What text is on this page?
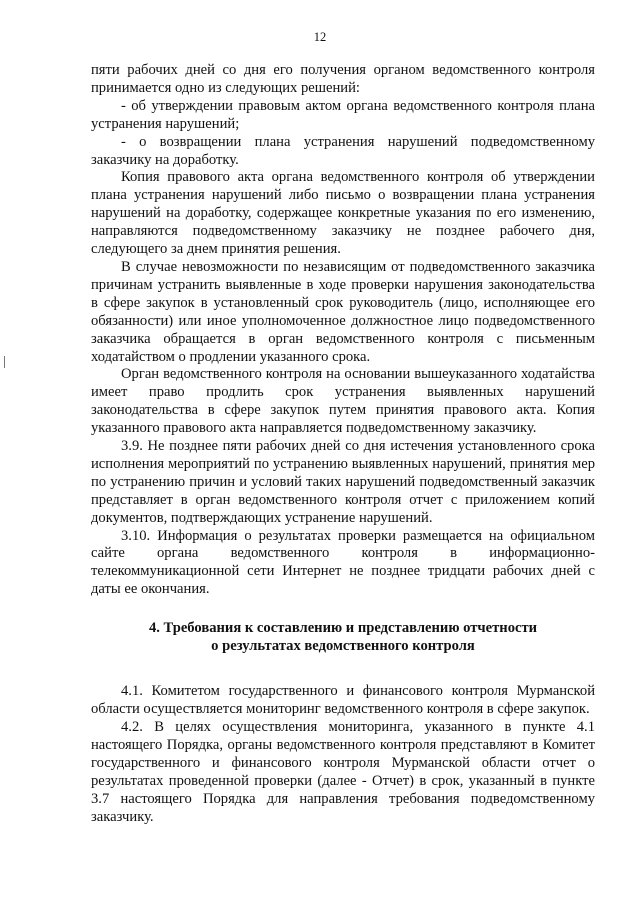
12

пяти рабочих дней со дня его получения органом ведомственного контроля принимается одно из следующих решений:

- об утверждении правовым актом органа ведомственного контроля плана устранения нарушений;

- о возвращении плана устранения нарушений подведомственному заказчику на доработку.

Копия правового акта органа ведомственного контроля об утверждении плана устранения нарушений либо письмо о возвращении плана устранения нарушений на доработку, содержащее конкретные указания по его изменению, направляются подведомственному заказчику не позднее рабочего дня, следующего за днем принятия решения.

В случае невозможности по независящим от подведомственного заказчика причинам устранить выявленные в ходе проверки нарушения законодательства в сфере закупок в установленный срок руководитель (лицо, исполняющее его обязанности) или иное уполномоченное должностное лицо подведомственного заказчика обращается в орган ведомственного контроля с письменным ходатайством о продлении указанного срока.

Орган ведомственного контроля на основании вышеуказанного ходатайства имеет право продлить срок устранения выявленных нарушений законодательства в сфере закупок путем принятия правового акта. Копия указанного правового акта направляется подведомственному заказчику.

3.9. Не позднее пяти рабочих дней со дня истечения установленного срока исполнения мероприятий по устранению выявленных нарушений, принятия мер по устранению причин и условий таких нарушений подведомственный заказчик представляет в орган ведомственного контроля отчет с приложением копий документов, подтверждающих устранение нарушений.

3.10. Информация о результатах проверки размещается на официальном сайте органа ведомственного контроля в информационно-телекоммуникационной сети Интернет не позднее тридцати рабочих дней с даты ее окончания.

4. Требования к составлению и представлению отчетности
о результатах ведомственного контроля

4.1. Комитетом государственного и финансового контроля Мурманской области осуществляется мониторинг ведомственного контроля в сфере закупок.

4.2. В целях осуществления мониторинга, указанного в пункте 4.1 настоящего Порядка, органы ведомственного контроля представляют в Комитет государственного и финансового контроля Мурманской области отчет о результатах проведенной проверки (далее - Отчет) в срок, указанный в пункте 3.7 настоящего Порядка для направления требования подведомственному заказчику.
